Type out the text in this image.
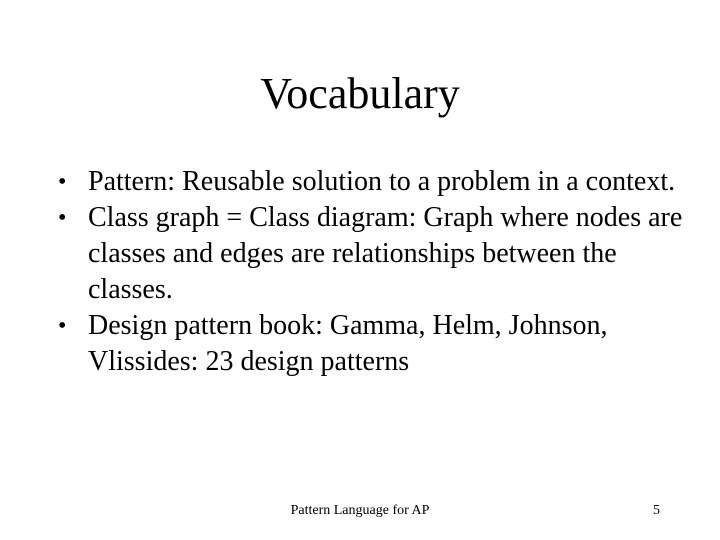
Vocabulary
• Pattern: Reusable solution to a problem in a context.
• Class graph = Class diagram: Graph where nodes are classes and edges are relationships between the classes.
• Design pattern book: Gamma, Helm, Johnson, Vlissides: 23 design patterns
Pattern Language for AP	5
